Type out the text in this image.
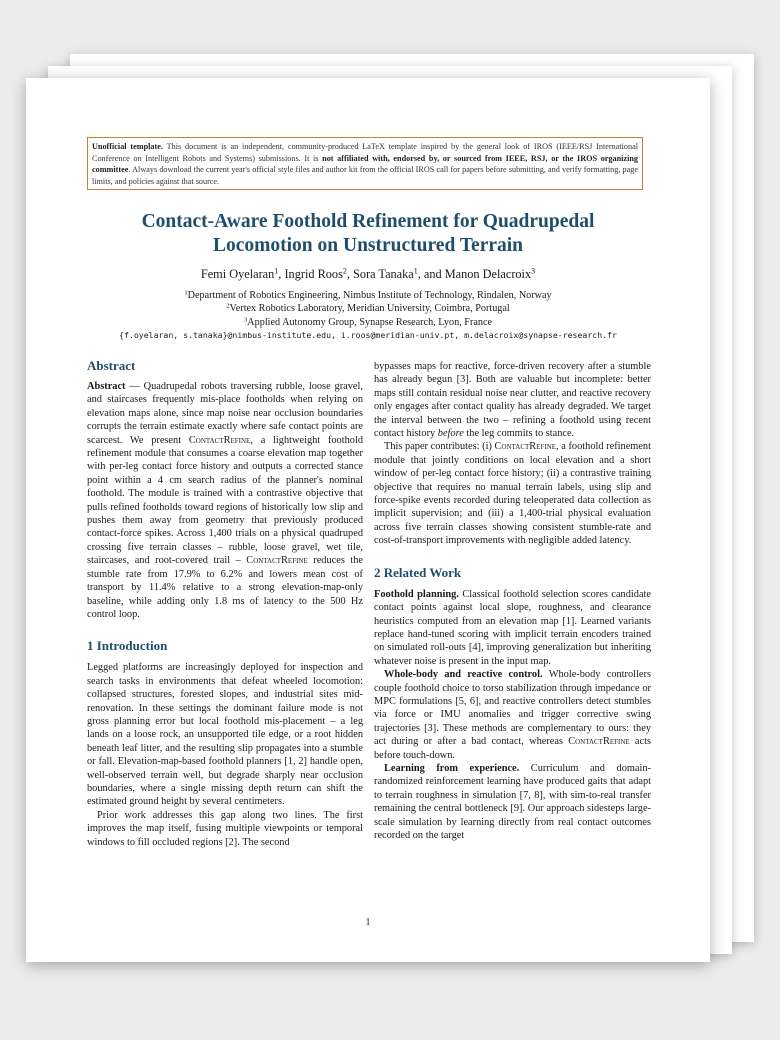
Unofficial template. This document is an independent, community-produced LaTeX template inspired by the general look of IROS (IEEE/RSJ International Conference on Intelligent Robots and Systems) submissions. It is not affiliated with, endorsed by, or sourced from IEEE, RSJ, or the IROS organizing committee. Always download the current year's official style files and author kit from the official IROS call for papers before submitting, and verify formatting, page limits, and policies against that source.
Contact-Aware Foothold Refinement for Quadrupedal
Locomotion on Unstructured Terrain
Femi Oyelaran$^1$, Ingrid Roos$^2$, Sora Tanaka$^1$, and Manon Delacroix$^3$
$^1$Department of Robotics Engineering, Nimbus Institute of Technology, Rindalen, Norway
$^2$Vertex Robotics Laboratory, Meridian University, Coimbra, Portugal
$^3$Applied Autonomy Group, Synapse Research, Lyon, France
{f.oyelaran, s.tanaka}@nimbus-institute.edu, i.roos@meridian-univ.pt, m.delacroix@synapse-research.fr
Abstract

Abstract — Quadrupedal robots traversing rubble, loose gravel, and staircases frequently mis-place footholds when relying on elevation maps alone, since map noise near occlusion boundaries corrupts the terrain estimate exactly where safe contact points are scarcest. We present ContactRefine, a lightweight foothold refinement module that consumes a coarse elevation map together with per-leg contact force history and outputs a corrected stance point within a 4 cm search radius of the planner's nominal foothold. The module is trained with a contrastive objective that pulls refined footholds toward regions of historically low slip and pushes them away from geometry that previously produced contact-force spikes. Across 1,400 trials on a physical quadruped crossing five terrain classes – rubble, loose gravel, wet tile, staircases, and root-covered trail – ContactRefine reduces the stumble rate from 17.9% to 6.2% and lowers mean cost of transport by 11.4% relative to a strong elevation-map-only baseline, while adding only 1.8 ms of latency to the 500 Hz control loop.

1 Introduction

Legged platforms are increasingly deployed for inspection and search tasks in environments that defeat wheeled locomotion: collapsed structures, forested slopes, and industrial sites mid-renovation. In these settings the dominant failure mode is not gross planning error but local foothold mis-placement – a leg lands on a loose rock, an unsupported tile edge, or a root hidden beneath leaf litter, and the resulting slip propagates into a stumble or fall. Elevation-map-based foothold planners [1, 2] handle open, well-observed terrain well, but degrade sharply near occlusion boundaries, where a single missing depth return can shift the estimated ground height by several centimeters.

Prior work addresses this gap along two lines. The first improves the map itself, fusing multiple viewpoints or temporal windows to fill occluded regions [2]. The second

bypasses maps for reactive, force-driven recovery after a stumble has already begun [3]. Both are valuable but incomplete: better maps still contain residual noise near clutter, and reactive recovery only engages after contact quality has already degraded. We target the interval between the two – refining a foothold using recent contact history before the leg commits to stance.

This paper contributes: (i) ContactRefine, a foothold refinement module that jointly conditions on local elevation and a short window of per-leg contact force history; (ii) a contrastive training objective that requires no manual terrain labels, using slip and force-spike events recorded during teleoperated data collection as implicit supervision; and (iii) a 1,400-trial physical evaluation across five terrain classes showing consistent stumble-rate and cost-of-transport improvements with negligible added latency.

2 Related Work

Foothold planning. Classical foothold selection scores candidate contact points against local slope, roughness, and clearance heuristics computed from an elevation map [1]. Learned variants replace hand-tuned scoring with implicit terrain encoders trained on simulated roll-outs [4], improving generalization but inheriting whatever noise is present in the input map.

Whole-body and reactive control. Whole-body controllers couple foothold choice to torso stabilization through impedance or MPC formulations [5, 6], and reactive controllers detect stumbles via force or IMU anomalies and trigger corrective swing trajectories [3]. These methods are complementary to ours: they act during or after a bad contact, whereas ContactRefine acts before touch-down.

Learning from experience. Curriculum and domain-randomized reinforcement learning have produced gaits that adapt to terrain roughness in simulation [7, 8], with sim-to-real transfer remaining the central bottleneck [9]. Our approach sidesteps large-scale simulation by learning directly from real contact outcomes recorded on the target

1
